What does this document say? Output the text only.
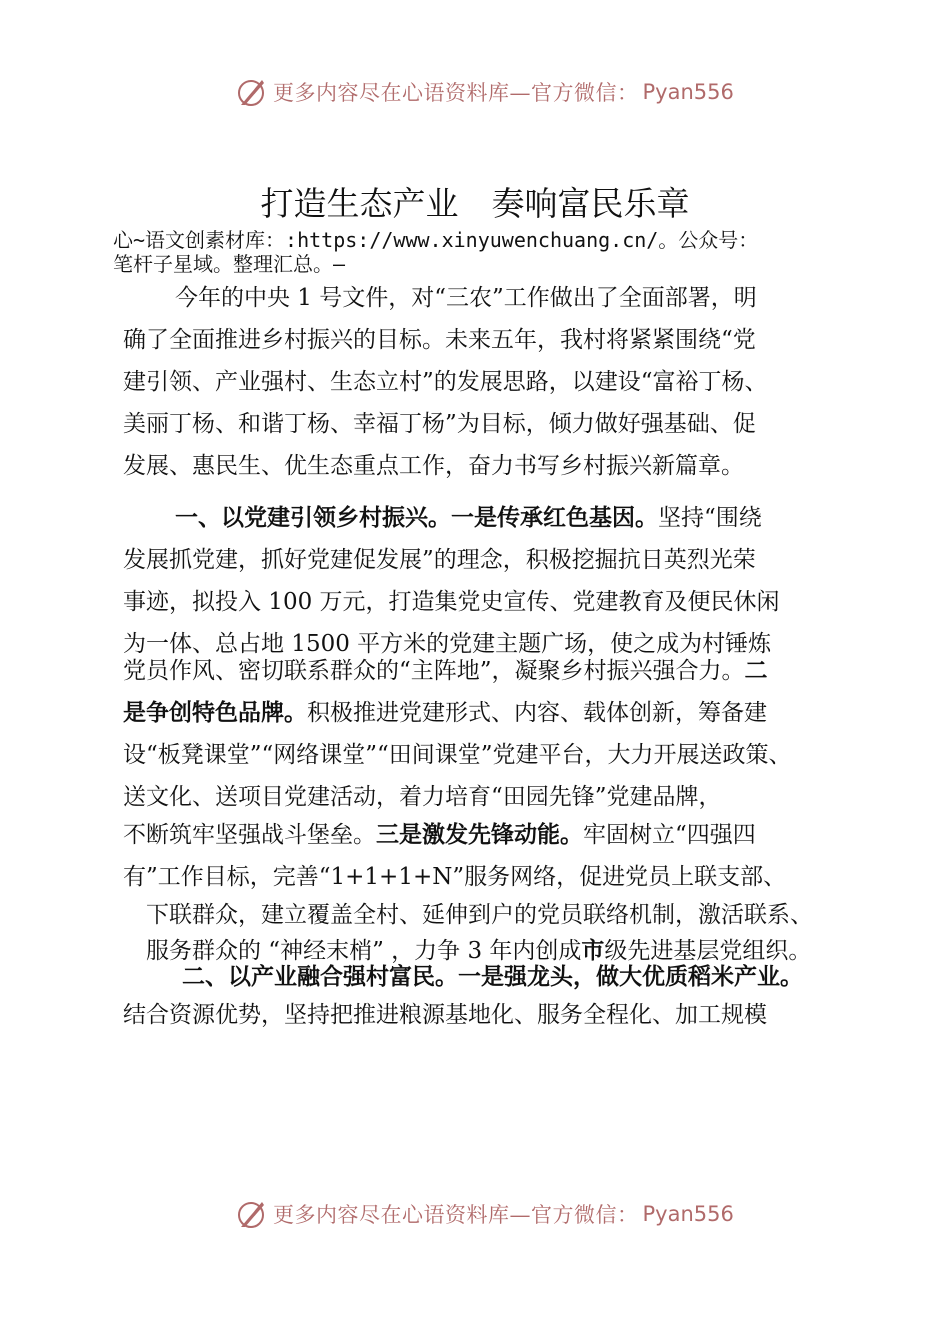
更多内容尽在心语资料库—官方微信： Pyan556
打造生态产业　奏响富民乐章
心~语文创素材库：:https://www.xinyuwenchuang.cn/。公众号：
笔杆子星域。整理汇总。—
今年的中央 1 号文件，对“三农”工作做出了全面部署，明
确了全面推进乡村振兴的目标。未来五年，我村将紧紧围绕“党
建引领、产业强村、生态立村”的发展思路，以建设“富裕丁杨、
美丽丁杨、和谐丁杨、幸福丁杨”为目标，倾力做好强基础、促
发展、惠民生、优生态重点工作，奋力书写乡村振兴新篇章。
一、以党建引领乡村振兴。一是传承红色基因。坚持“围绕
发展抓党建，抓好党建促发展”的理念，积极挖掘抗日英烈光荣
事迹，拟投入 100 万元，打造集党史宣传、党建教育及便民休闲
为一体、总占地 1500 平方米的党建主题广场，使之成为村锤炼
党员作风、密切联系群众的“主阵地”，凝聚乡村振兴强合力。二
是争创特色品牌。积极推进党建形式、内容、载体创新，筹备建
设“板凳课堂”“网络课堂”“田间课堂”党建平台，大力开展送政策、
送文化、送项目党建活动，着力培育“田园先锋”党建品牌，
不断筑牢坚强战斗堡垒。三是激发先锋动能。牢固树立“四强四
有”工作目标，完善“1+1+1+N”服务网络，促进党员上联支部、
　下联群众，建立覆盖全村、延伸到户的党员联络机制，激活联系、
　服务群众的 “神经末梢” ，力争 3 年内创成市级先进基层党组织。
　二、以产业融合强村富民。一是强龙头，做大优质稻米产业。
结合资源优势，坚持把推进粮源基地化、服务全程化、加工规模
更多内容尽在心语资料库—官方微信： Pyan556
